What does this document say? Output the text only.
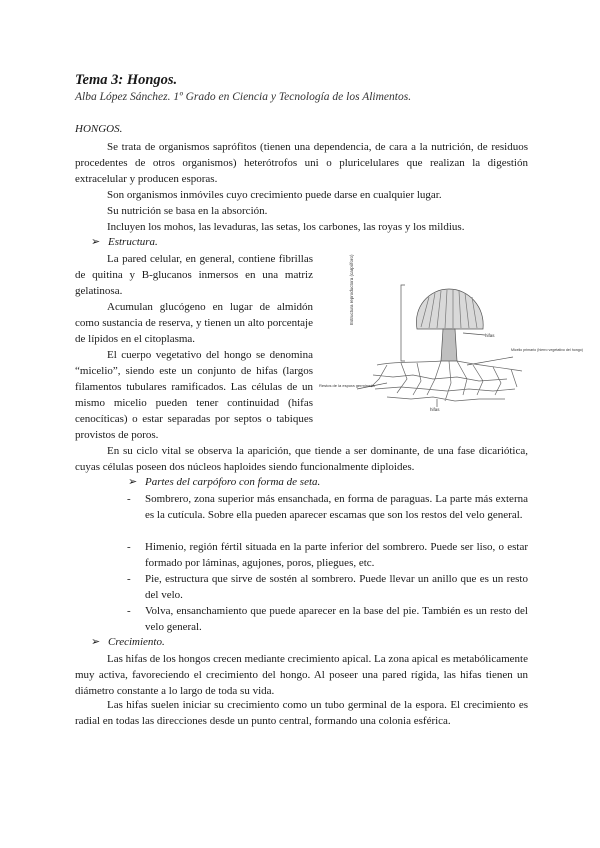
Tema 3: Hongos.
Alba López Sánchez. 1º Grado en Ciencia y Tecnología de los Alimentos.
HONGOS.
Se trata de organismos saprófitos (tienen una dependencia, de cara a la nutrición, de residuos procedentes de otros organismos) heterótrofos uni o pluricelulares que realizan la digestión extracelular y producen esporas.
Son organismos inmóviles cuyo crecimiento puede darse en cualquier lugar.
Su nutrición se basa en la absorción.
Incluyen los mohos, las levaduras, las setas, los carbones, las royas y los mildius.
➢ Estructura.
La pared celular, en general, contiene fibrillas de quitina y B-glucanos inmersos en una matriz gelatinosa.
Acumulan glucógeno en lugar de almidón como sustancia de reserva, y tienen un alto porcentaje de lípidos en el citoplasma.
El cuerpo vegetativo del hongo se denomina “micelio”, siendo este un conjunto de hifas (largos filamentos tubulares ramificados. Las células de un mismo micelio pueden tener continuidad (hifas cenocíticas) o estar separadas por septos o tabiques provistos de poros.
En su ciclo vital se observa la aparición, que tiende a ser dominante, de una fase dicariótica, cuyas células poseen dos núcleos haploides siendo funcionalmente diploides.
Estructura reproductora (carpóforo)
hifas
Micelio primario (hierro vegetativo del hongo)
Restos de la espora germinada
hifas
➢ Partes del carpóforo con forma de seta.
- Sombrero, zona superior más ensanchada, en forma de paraguas. La parte más externa es la cutícula. Sobre ella pueden aparecer escamas que son los restos del velo general.
- Himenio, región fértil situada en la parte inferior del sombrero. Puede ser liso, o estar formado por láminas, agujones, poros, pliegues, etc.
- Pie, estructura que sirve de sostén al sombrero. Puede llevar un anillo que es un resto del velo.
- Volva, ensanchamiento que puede aparecer en la base del pie. También es un resto del velo general.
➢ Crecimiento.
Las hifas de los hongos crecen mediante crecimiento apical. La zona apical es metabólicamente muy activa, favoreciendo el crecimiento del hongo. Al poseer una pared rígida, las hifas tienen un diámetro constante a lo largo de toda su vida.
Las hifas suelen iniciar su crecimiento como un tubo germinal de la espora. El crecimiento es radial en todas las direcciones desde un punto central, formando una colonia esférica.
